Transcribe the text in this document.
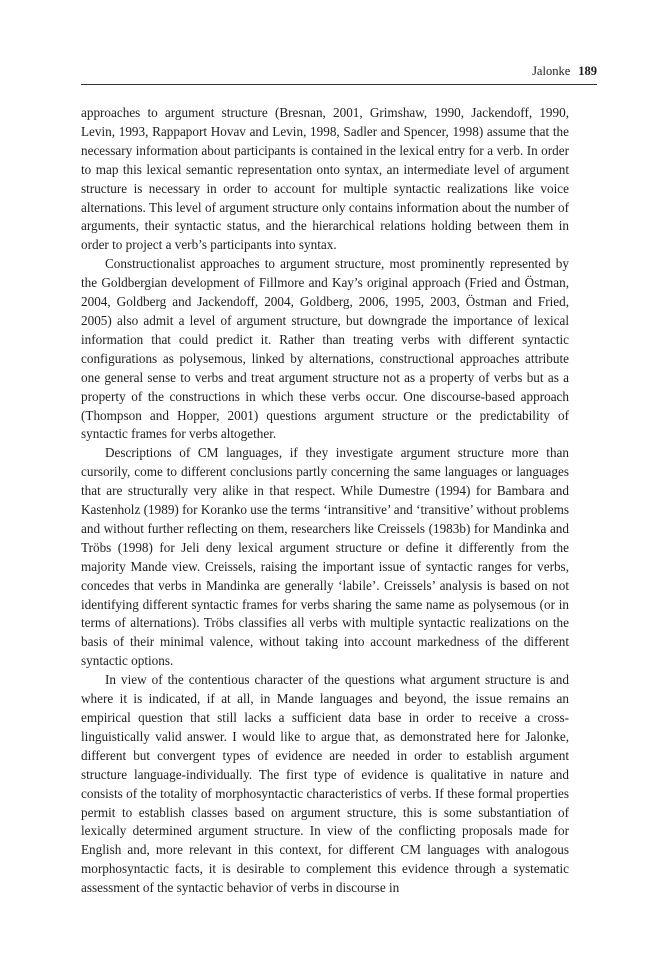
Jalonke 189

approaches to argument structure (Bresnan, 2001, Grimshaw, 1990, Jackendoff, 1990, Levin, 1993, Rappaport Hovav and Levin, 1998, Sadler and Spencer, 1998) assume that the necessary information about participants is contained in the lexical entry for a verb. In order to map this lexical semantic representation onto syntax, an intermediate level of argument structure is necessary in order to account for multiple syntactic realizations like voice alternations. This level of argument structure only contains information about the number of arguments, their syntactic status, and the hierarchical relations holding between them in order to project a verb’s participants into syntax.

Constructionalist approaches to argument structure, most prominently represented by the Goldbergian development of Fillmore and Kay’s original approach (Fried and Östman, 2004, Goldberg and Jackendoff, 2004, Goldberg, 2006, 1995, 2003, Östman and Fried, 2005) also admit a level of argument structure, but downgrade the importance of lexical information that could predict it. Rather than treating verbs with different syntactic configurations as polysemous, linked by alternations, constructional approaches attribute one general sense to verbs and treat argument structure not as a property of verbs but as a property of the constructions in which these verbs occur. One discourse-based approach (Thompson and Hopper, 2001) questions argument structure or the predictability of syntactic frames for verbs altogether.

Descriptions of CM languages, if they investigate argument structure more than cursorily, come to different conclusions partly concerning the same languages or languages that are structurally very alike in that respect. While Dumestre (1994) for Bambara and Kastenholz (1989) for Koranko use the terms ‘intransitive’ and ‘transitive’ without problems and without further reflecting on them, researchers like Creissels (1983b) for Mandinka and Tröbs (1998) for Jeli deny lexical argument structure or define it differently from the majority Mande view. Creissels, raising the important issue of syntactic ranges for verbs, concedes that verbs in Mandinka are generally ‘labile’. Creissels’ analysis is based on not identifying different syntactic frames for verbs sharing the same name as polysemous (or in terms of alternations). Tröbs classifies all verbs with multiple syntactic realizations on the basis of their minimal valence, without taking into account markedness of the different syntactic options.

In view of the contentious character of the questions what argument structure is and where it is indicated, if at all, in Mande languages and beyond, the issue remains an empirical question that still lacks a sufficient data base in order to receive a cross-linguistically valid answer. I would like to argue that, as demonstrated here for Jalonke, different but convergent types of evidence are needed in order to establish argument structure language-individually. The first type of evidence is qualitative in nature and consists of the totality of morphosyntactic characteristics of verbs. If these formal properties permit to establish classes based on argument structure, this is some substantiation of lexically determined argument structure. In view of the conflicting proposals made for English and, more relevant in this context, for different CM languages with analogous morphosyntactic facts, it is desirable to complement this evidence through a systematic assessment of the syntactic behavior of verbs in discourse in
